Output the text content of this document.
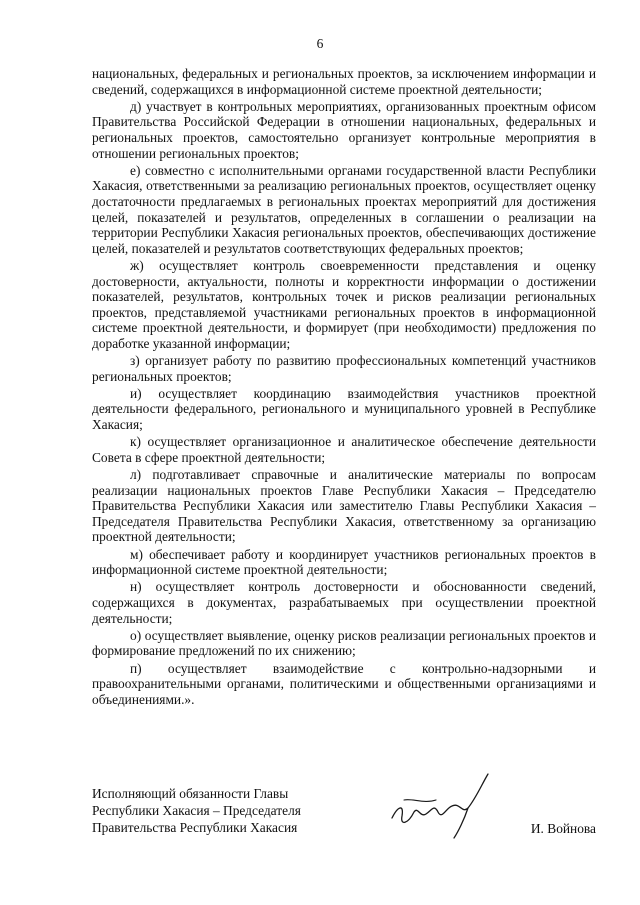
6

национальных, федеральных и региональных проектов, за исключением информации и сведений, содержащихся в информационной системе проектной деятельности;

д) участвует в контрольных мероприятиях, организованных проектным офисом Правительства Российской Федерации в отношении национальных, федеральных и региональных проектов, самостоятельно организует контрольные мероприятия в отношении региональных проектов;

е) совместно с исполнительными органами государственной власти Республики Хакасия, ответственными за реализацию региональных проектов, осуществляет оценку достаточности предлагаемых в региональных проектах мероприятий для достижения целей, показателей и результатов, определенных в соглашении о реализации на территории Республики Хакасия региональных проектов, обеспечивающих достижение целей, показателей и результатов соответствующих федеральных проектов;

ж) осуществляет контроль своевременности представления и оценку достоверности, актуальности, полноты и корректности информации о достижении показателей, результатов, контрольных точек и рисков реализации региональных проектов, представляемой участниками региональных проектов в информационной системе проектной деятельности, и формирует (при необходимости) предложения по доработке указанной информации;

з) организует работу по развитию профессиональных компетенций участников региональных проектов;

и) осуществляет координацию взаимодействия участников проектной деятельности федерального, регионального и муниципального уровней в Республике Хакасия;

к) осуществляет организационное и аналитическое обеспечение деятельности Совета в сфере проектной деятельности;

л) подготавливает справочные и аналитические материалы по вопросам реализации национальных проектов Главе Республики Хакасия – Председателю Правительства Республики Хакасия или заместителю Главы Республики Хакасия – Председателя Правительства Республики Хакасия, ответственному за организацию проектной деятельности;

м) обеспечивает работу и координирует участников региональных проектов в информационной системе проектной деятельности;

н) осуществляет контроль достоверности и обоснованности сведений, содержащихся в документах, разрабатываемых при осуществлении проектной деятельности;

о) осуществляет выявление, оценку рисков реализации региональных проектов и формирование предложений по их снижению;

п) осуществляет взаимодействие с контрольно-надзорными и правоохранительными органами, политическими и общественными организациями и объединениями.».

Исполняющий обязанности Главы
Республики Хакасия – Председателя
Правительства Республики Хакасия	И. Войнова
